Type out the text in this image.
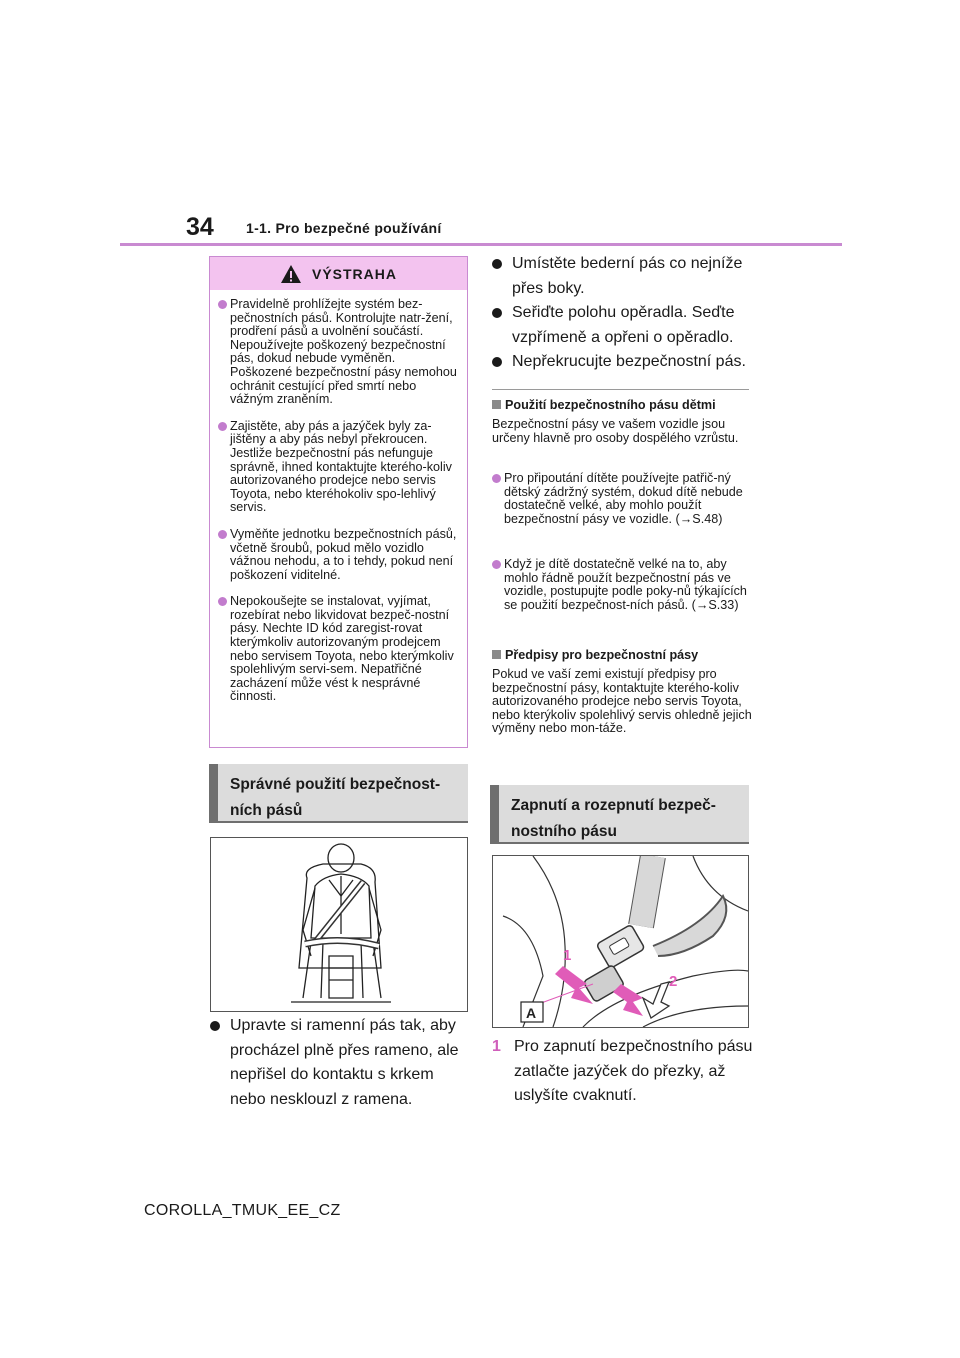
34 1-1. Pro bezpečné používání
VÝSTRAHA
Pravidelně prohlížejte systém bez-pečnostních pásů. Kontrolujte natr-žení, prodření pásů a uvolnění součástí. Nepoužívejte poškozený bezpečnostní pás, dokud nebude vyměněn. Poškozené bezpečnostní pásy nemohou ochránit cestující před smrtí nebo vážným zraněním.
Zajistěte, aby pás a jazýček byly za-jištěny a aby pás nebyl překroucen. Jestliže bezpečnostní pás nefunguje správně, ihned kontaktujte kterého-koliv autorizovaného prodejce nebo servis Toyota, nebo kteréhokoliv spo-lehlivý servis.
Vyměňte jednotku bezpečnostních pásů, včetně šroubů, pokud mělo vozidlo vážnou nehodu, a to i tehdy, pokud není poškození viditelné.
Nepokoušejte se instalovat, vyjímat, rozebírat nebo likvidovat bezpeč-nostní pásy. Nechte ID kód zaregist-rovat kterýmkoliv autorizovaným prodejcem nebo servisem Toyota, nebo kterýmkoliv spolehlivým servi-sem. Nepatřičné zacházení může vést k nesprávné činnosti.
Správné použití bezpečnost-ních pásů
Upravte si ramenní pás tak, aby procházel plně přes rameno, ale nepřišel do kontaktu s krkem nebo nesklouzl z ramena.
Umístěte bederní pás co nejníže přes boky.
Seřiďte polohu opěradla. Seďte vzpřímeně a opřeni o opěradlo.
Nepřekrucujte bezpečnostní pás.
Použití bezpečnostního pásu dětmi
Bezpečnostní pásy ve vašem vozidle jsou určeny hlavně pro osoby dospělého vzrůstu.
Pro připoutání dítěte používejte patřič-ný dětský zádržný systém, dokud dítě nebude dostatečně velké, aby mohlo použít bezpečnostní pásy ve vozidle. (→S.48)
Když je dítě dostatečně velké na to, aby mohlo řádně použít bezpečnostní pás ve vozidle, postupujte podle poky-nů týkajících se použití bezpečnost-ních pásů. (→S.33)
Předpisy pro bezpečnostní pásy
Pokud ve vaší zemi existují předpisy pro bezpečnostní pásy, kontaktujte kterého-koliv autorizovaného prodejce nebo servis Toyota, nebo kterýkoliv spolehlivý servis ohledně jejich výměny nebo mon-táže.
Zapnutí a rozepnutí bezpeč-nostního pásu
1
2
A
1 Pro zapnutí bezpečnostního pásu zatlačte jazýček do přezky, až uslyšíte cvaknutí.
COROLLA_TMUK_EE_CZ
